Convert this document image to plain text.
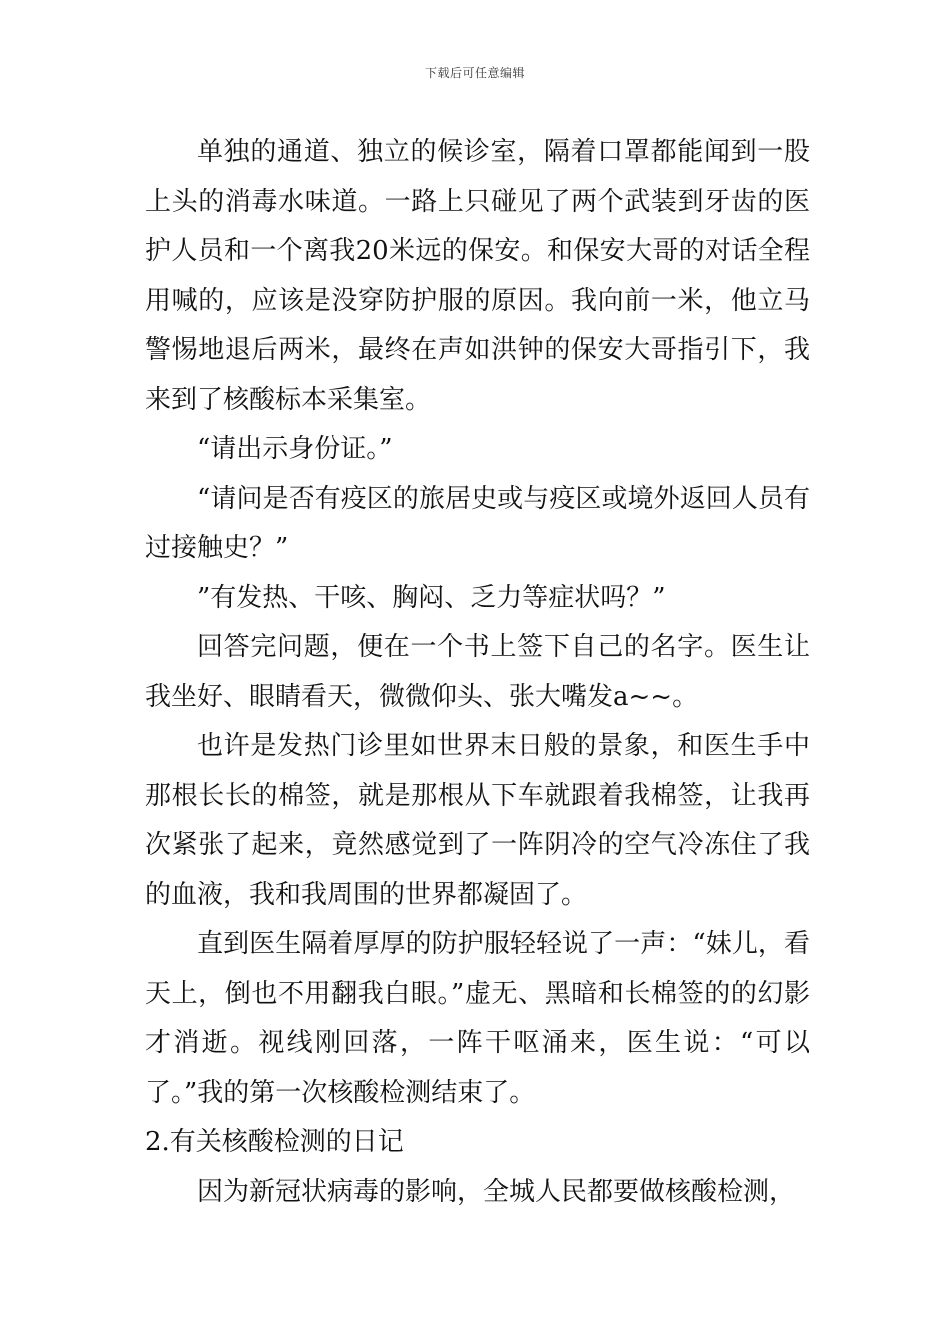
下载后可任意编辑

单独的通道、独立的候诊室，隔着口罩都能闻到一股上头的消毒水味道。一路上只碰见了两个武装到牙齿的医护人员和一个离我20米远的保安。和保安大哥的对话全程用喊的，应该是没穿防护服的原因。我向前一米，他立马警惕地退后两米，最终在声如洪钟的保安大哥指引下，我来到了核酸标本采集室。

“请出示身份证。”

“请问是否有疫区的旅居史或与疫区或境外返回人员有过接触史？”

”有发热、干咳、胸闷、乏力等症状吗？”

回答完问题，便在一个书上签下自己的名字。医生让我坐好、眼睛看天，微微仰头、张大嘴发a~~。

也许是发热门诊里如世界末日般的景象，和医生手中那根长长的棉签，就是那根从下车就跟着我棉签，让我再次紧张了起来，竟然感觉到了一阵阴冷的空气冷冻住了我的血液，我和我周围的世界都凝固了。

直到医生隔着厚厚的防护服轻轻说了一声：“妹儿，看天上，倒也不用翻我白眼。”虚无、黑暗和长棉签的的幻影才消逝。视线刚回落，一阵干呕涌来，医生说：“可以了。”我的第一次核酸检测结束了。

2.有关核酸检测的日记

因为新冠状病毒的影响，全城人民都要做核酸检测，
